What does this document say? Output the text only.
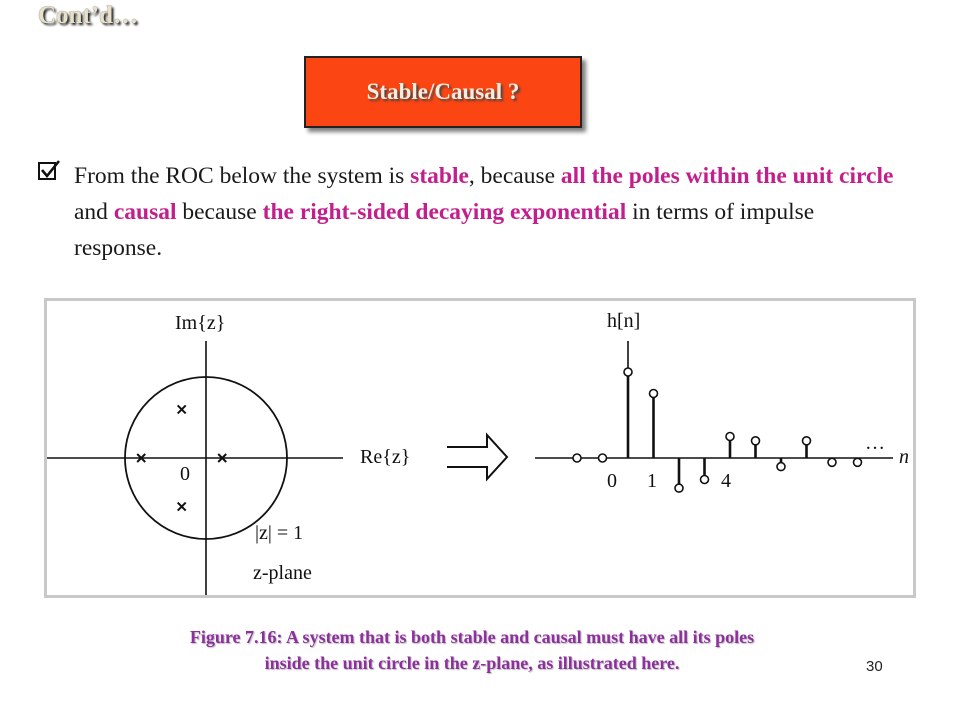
Cont’d…
Stable/Causal ?
From the ROC below the system is stable, because all the poles within the unit circle and causal because the right-sided decaying exponential in terms of impulse response.
Im{z}
Re{z}
0
|z| = 1
z-plane
h[n]
n
0 1	4
…
Figure 7.16: A system that is both stable and causal must have all its poles
inside the unit circle in the z-plane, as illustrated here.	30
